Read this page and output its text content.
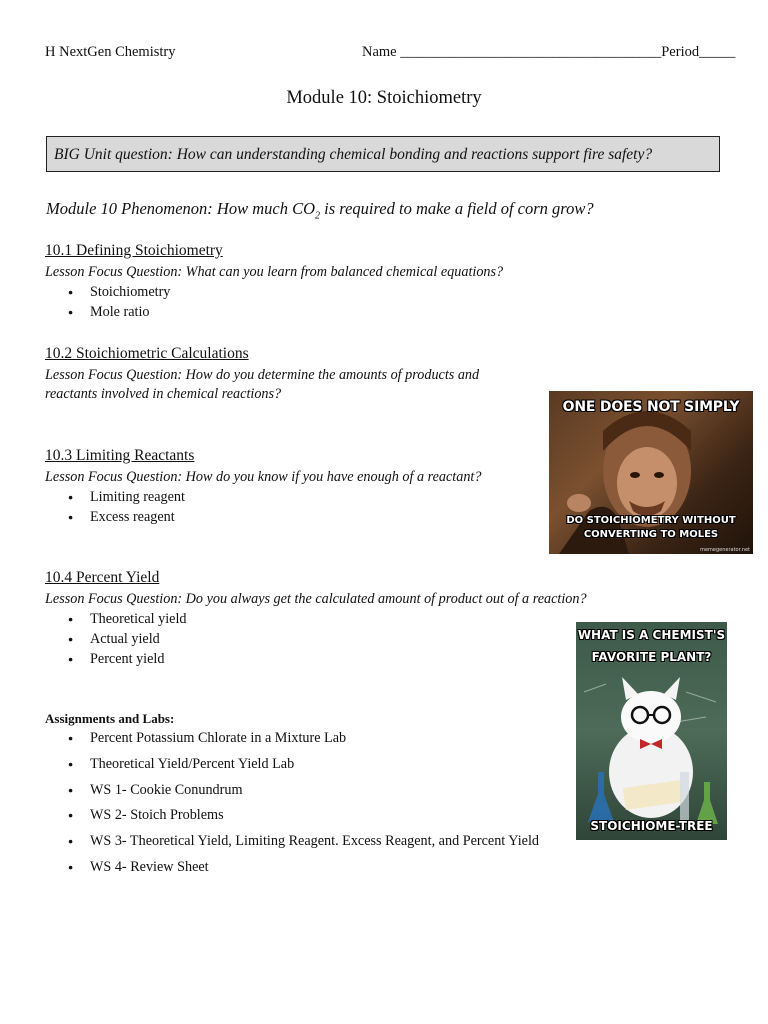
H NextGen Chemistry	Name ____________________________________Period_____
Module 10: Stoichiometry
BIG Unit question: How can understanding chemical bonding and reactions support fire safety?
Module 10 Phenomenon: How much $CO_2$ is required to make a field of corn grow?
10.1 Defining Stoichiometry
Lesson Focus Question: What can you learn from balanced chemical equations?
● Stoichiometry
● Mole ratio
10.2 Stoichiometric Calculations
Lesson Focus Question: How do you determine the amounts of products and
reactants involved in chemical reactions?
10.3 Limiting Reactants
Lesson Focus Question: How do you know if you have enough of a reactant?
● Limiting reagent
● Excess reagent
10.4 Percent Yield
Lesson Focus Question: Do you always get the calculated amount of product out of a reaction?
● Theoretical yield
● Actual yield
● Percent yield
Assignments and Labs:
● Percent Potassium Chlorate in a Mixture Lab
● Theoretical Yield/Percent Yield Lab
● WS 1- Cookie Conundrum
● WS 2- Stoich Problems
● WS 3- Theoretical Yield, Limiting Reagent. Excess Reagent, and Percent Yield
● WS 4- Review Sheet
ONE DOES NOT SIMPLY
DO STOICHIOMETRY WITHOUT
CONVERTING TO MOLES
memegenerator.net
WHAT IS A CHEMIST'S
FAVORITE PLANT?
STOICHIOME-TREE
